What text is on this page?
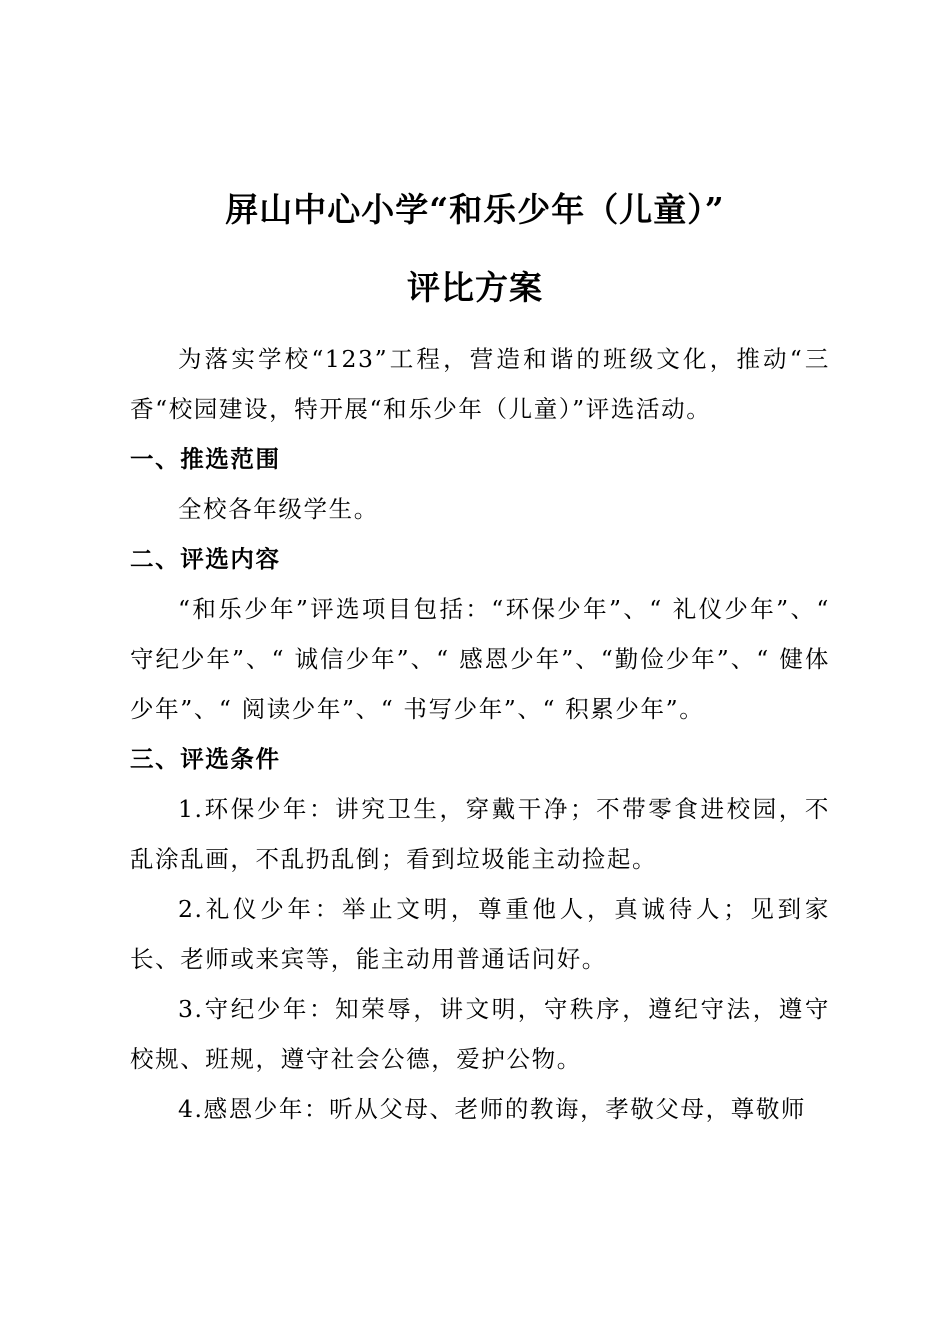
屏山中心小学“和乐少年（儿童）”
评比方案

为落实学校“123”工程，营造和谐的班级文化，推动“三香“校园建设，特开展“和乐少年（儿童）”评选活动。

一、推选范围

全校各年级学生。

二、评选内容

“和乐少年”评选项目包括：“环保少年”、“ 礼仪少年”、“ 守纪少年”、“ 诚信少年”、“ 感恩少年”、“勤俭少年”、“ 健体少年”、“ 阅读少年”、“ 书写少年”、“ 积累少年”。

三、评选条件

1.环保少年：讲究卫生，穿戴干净；不带零食进校园，不乱涂乱画，不乱扔乱倒；看到垃圾能主动捡起。

2.礼仪少年：举止文明，尊重他人，真诚待人；见到家长、老师或来宾等，能主动用普通话问好。

3.守纪少年：知荣辱，讲文明，守秩序，遵纪守法，遵守校规、班规，遵守社会公德，爱护公物。

4.感恩少年：听从父母、老师的教诲，孝敬父母，尊敬师
